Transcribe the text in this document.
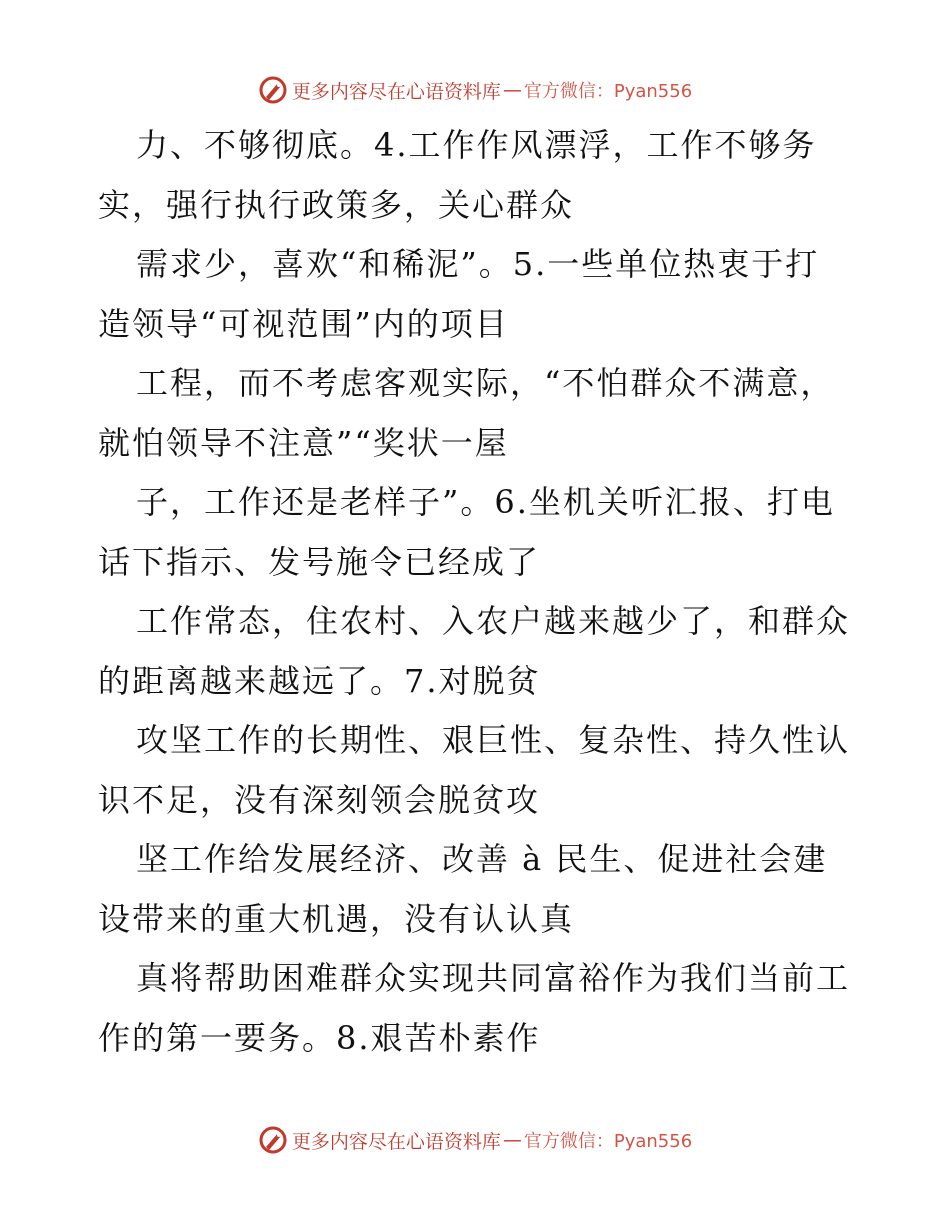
更多内容尽在心语资料库 — 官方微信：Pyan556

力、不够彻底。4.工作作风漂浮，工作不够务
实，强行执行政策多，关心群众

需求少，喜欢“和稀泥”。5.一些单位热衷于打
造领导“可视范围”内的项目

工程，而不考虑客观实际，“不怕群众不满意，
就怕领导不注意”“奖状一屋

子，工作还是老样子”。6.坐机关听汇报、打电
话下指示、发号施令已经成了

工作常态，住农村、入农户越来越少了，和群众
的距离越来越远了。7.对脱贫

攻坚工作的长期性、艰巨性、复杂性、持久性认
识不足，没有深刻领会脱贫攻

坚工作给发展经济、改善 à 民生、促进社会建
设带来的重大机遇，没有认认真

真将帮助困难群众实现共同富裕作为我们当前工
作的第一要务。8.艰苦朴素作

更多内容尽在心语资料库 — 官方微信：Pyan556
